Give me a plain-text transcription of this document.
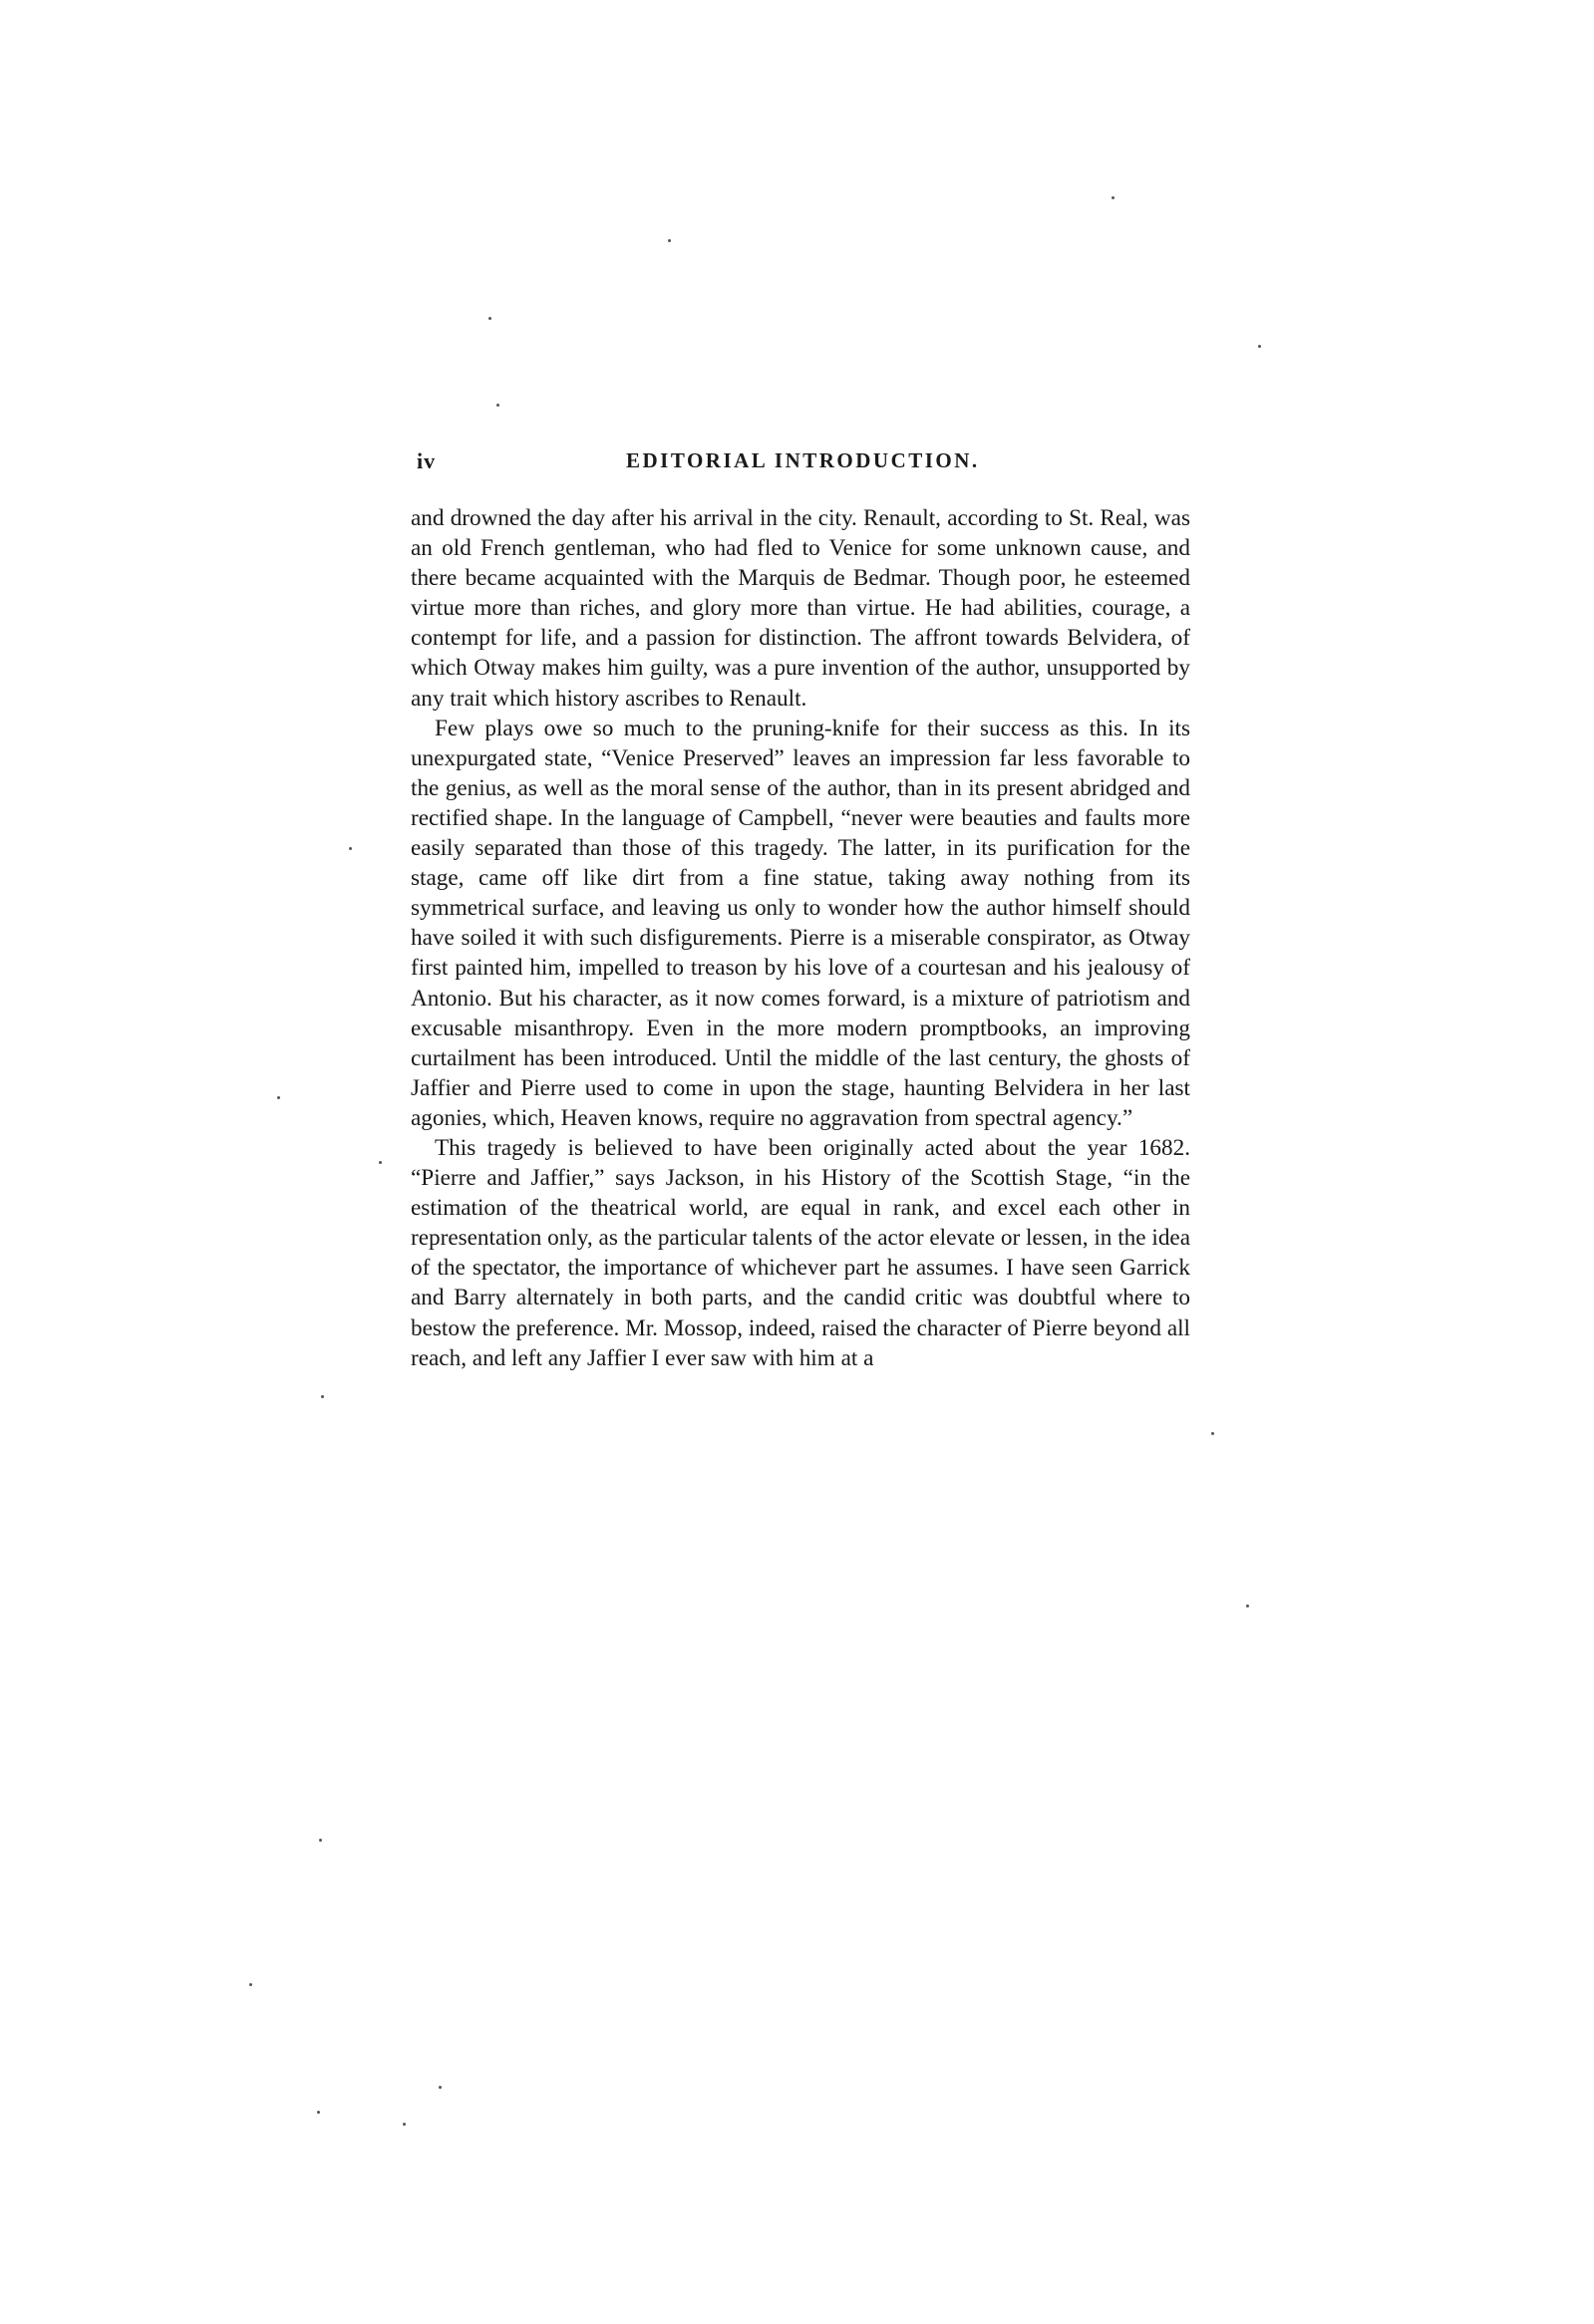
iv	EDITORIAL INTRODUCTION.

and drowned the day after his arrival in the city. Renault, according to St. Real, was an old French gentleman, who had fled to Venice for some unknown cause, and there became acquainted with the Marquis de Bedmar. Though poor, he esteemed virtue more than riches, and glory more than virtue. He had abilities, courage, a contempt for life, and a passion for distinction. The affront towards Belvidera, of which Otway makes him guilty, was a pure invention of the author, unsupported by any trait which history ascribes to Renault.

Few plays owe so much to the pruning-knife for their success as this. In its unexpurgated state, “Venice Preserved” leaves an impression far less favorable to the genius, as well as the moral sense of the author, than in its present abridged and rectified shape. In the language of Campbell, “never were beauties and faults more easily separated than those of this tragedy. The latter, in its purification for the stage, came off like dirt from a fine statue, taking away nothing from its symmetrical surface, and leaving us only to wonder how the author himself should have soiled it with such disfigurements. Pierre is a miserable conspirator, as Otway first painted him, impelled to treason by his love of a courtesan and his jealousy of Antonio. But his character, as it now comes forward, is a mixture of patriotism and excusable misanthropy. Even in the more modern promptbooks, an improving curtailment has been introduced. Until the middle of the last century, the ghosts of Jaffier and Pierre used to come in upon the stage, haunting Belvidera in her last agonies, which, Heaven knows, require no aggravation from spectral agency.”

This tragedy is believed to have been originally acted about the year 1682. “Pierre and Jaffier,” says Jackson, in his History of the Scottish Stage, “in the estimation of the theatrical world, are equal in rank, and excel each other in representation only, as the particular talents of the actor elevate or lessen, in the idea of the spectator, the importance of whichever part he assumes. I have seen Garrick and Barry alternately in both parts, and the candid critic was doubtful where to bestow the preference. Mr. Mossop, indeed, raised the character of Pierre beyond all reach, and left any Jaffier I ever saw with him at a
